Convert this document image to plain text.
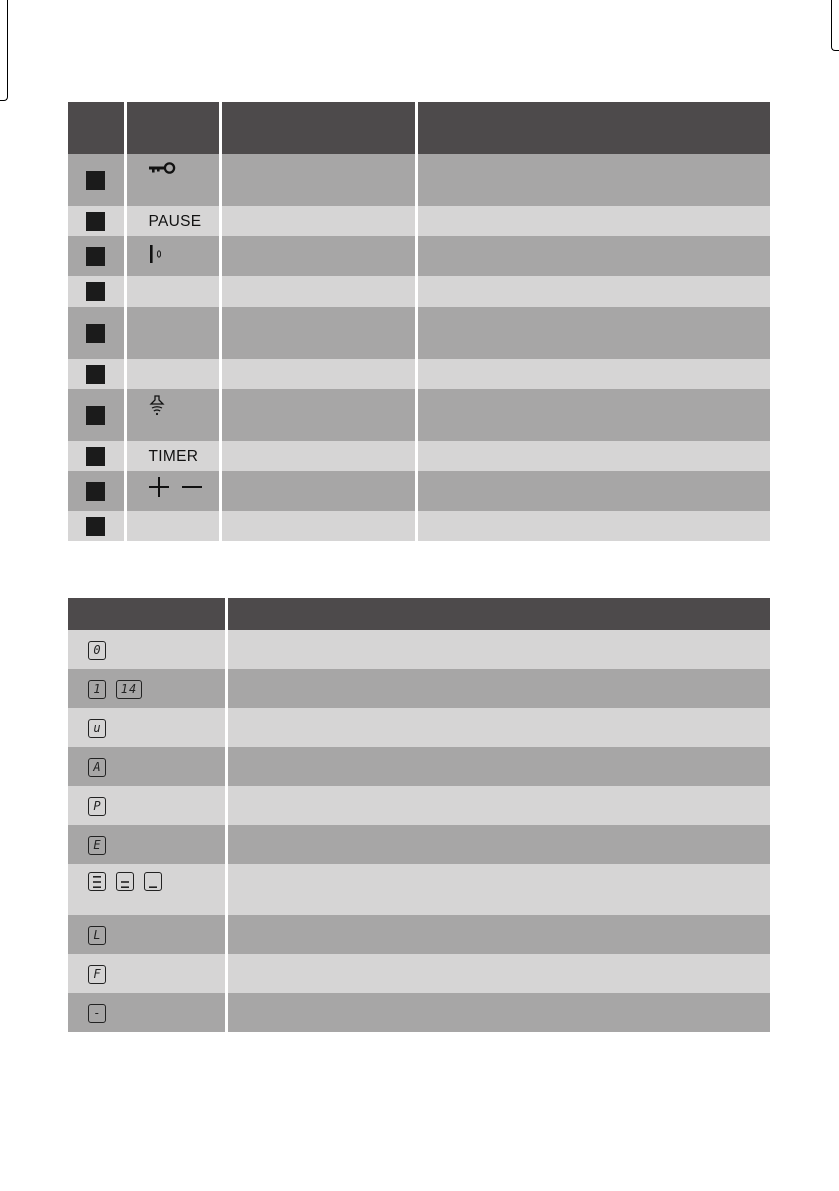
	PAUSE		

	TIMER		

0	
1 14	
u	
A	
P	
E	

L	
F	
-	
